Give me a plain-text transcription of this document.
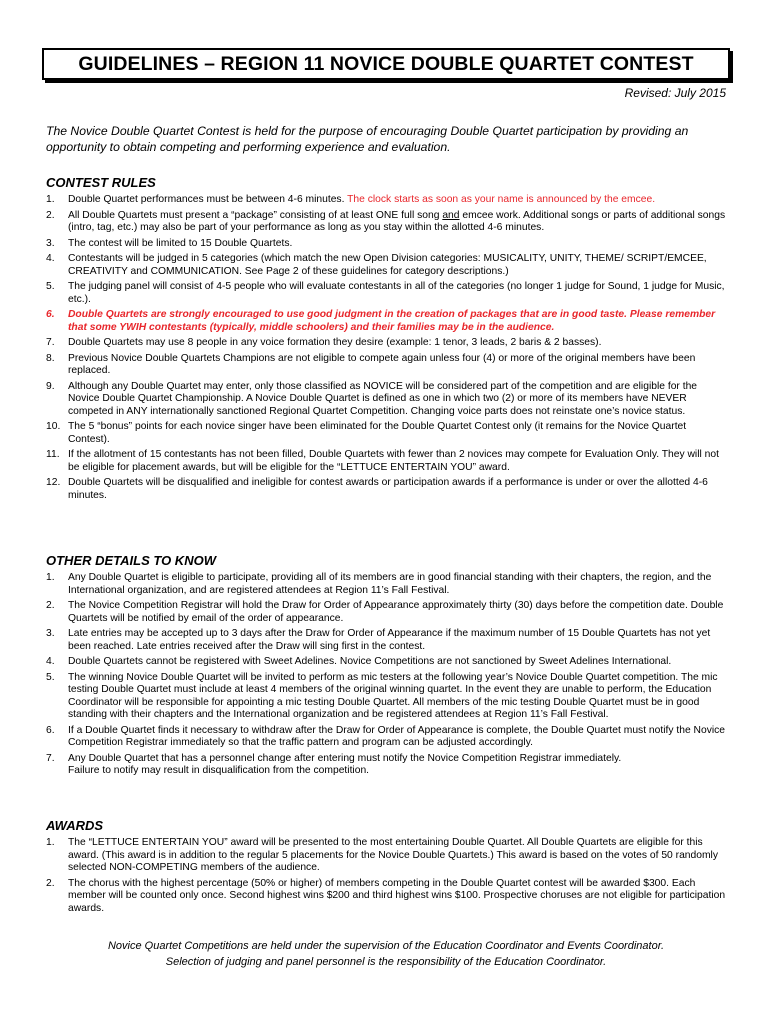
GUIDELINES – REGION 11 NOVICE DOUBLE QUARTET CONTEST
Revised: July 2015
The Novice Double Quartet Contest is held for the purpose of encouraging Double Quartet participation by providing an opportunity to obtain competing and performing experience and evaluation.
CONTEST RULES
1. Double Quartet performances must be between 4-6 minutes. The clock starts as soon as your name is announced by the emcee.
2. All Double Quartets must present a “package” consisting of at least ONE full song and emcee work. Additional songs or parts of additional songs (intro, tag, etc.) may also be part of your performance as long as you stay within the allotted 4-6 minutes.
3. The contest will be limited to 15 Double Quartets.
4. Contestants will be judged in 5 categories (which match the new Open Division categories: MUSICALITY, UNITY, THEME/ SCRIPT/EMCEE, CREATIVITY and COMMUNICATION. See Page 2 of these guidelines for category descriptions.)
5. The judging panel will consist of 4-5 people who will evaluate contestants in all of the categories (no longer 1 judge for Sound, 1 judge for Music, etc.).
6. Double Quartets are strongly encouraged to use good judgment in the creation of packages that are in good taste. Please remember that some YWIH contestants (typically, middle schoolers) and their families may be in the audience.
7. Double Quartets may use 8 people in any voice formation they desire (example: 1 tenor, 3 leads, 2 baris & 2 basses).
8. Previous Novice Double Quartets Champions are not eligible to compete again unless four (4) or more of the original members have been replaced.
9. Although any Double Quartet may enter, only those classified as NOVICE will be considered part of the competition and are eligible for the Novice Double Quartet Championship. A Novice Double Quartet is defined as one in which two (2) or more of its members have NEVER competed in ANY internationally sanctioned Regional Quartet Competition. Changing voice parts does not reinstate one’s novice status.
10. The 5 “bonus” points for each novice singer have been eliminated for the Double Quartet Contest only (it remains for the Novice Quartet Contest).
11. If the allotment of 15 contestants has not been filled, Double Quartets with fewer than 2 novices may compete for Evaluation Only. They will not be eligible for placement awards, but will be eligible for the “LETTUCE ENTERTAIN YOU” award.
12. Double Quartets will be disqualified and ineligible for contest awards or participation awards if a performance is under or over the allotted 4-6 minutes.
OTHER DETAILS TO KNOW
1. Any Double Quartet is eligible to participate, providing all of its members are in good financial standing with their chapters, the region, and the International organization, and are registered attendees at Region 11’s Fall Festival.
2. The Novice Competition Registrar will hold the Draw for Order of Appearance approximately thirty (30) days before the competition date. Double Quartets will be notified by email of the order of appearance.
3. Late entries may be accepted up to 3 days after the Draw for Order of Appearance if the maximum number of 15 Double Quartets has not yet been reached. Late entries received after the Draw will sing first in the contest.
4. Double Quartets cannot be registered with Sweet Adelines. Novice Competitions are not sanctioned by Sweet Adelines International.
5. The winning Novice Double Quartet will be invited to perform as mic testers at the following year’s Novice Double Quartet competition. The mic testing Double Quartet must include at least 4 members of the original winning quartet. In the event they are unable to perform, the Education Coordinator will be responsible for appointing a mic testing Double Quartet. All members of the mic testing Double Quartet must be in good standing with their chapters and the International organization and be registered attendees at Region 11’s Fall Festival.
6. If a Double Quartet finds it necessary to withdraw after the Draw for Order of Appearance is complete, the Double Quartet must notify the Novice Competition Registrar immediately so that the traffic pattern and program can be adjusted accordingly.
7. Any Double Quartet that has a personnel change after entering must notify the Novice Competition Registrar immediately.
Failure to notify may result in disqualification from the competition.
AWARDS
1. The “LETTUCE ENTERTAIN YOU” award will be presented to the most entertaining Double Quartet. All Double Quartets are eligible for this award. (This award is in addition to the regular 5 placements for the Novice Double Quartets.) This award is based on the votes of 50 randomly selected NON-COMPETING members of the audience.
2. The chorus with the highest percentage (50% or higher) of members competing in the Double Quartet contest will be awarded $300. Each member will be counted only once. Second highest wins $200 and third highest wins $100. Prospective choruses are not eligible for participation awards.
Novice Quartet Competitions are held under the supervision of the Education Coordinator and Events Coordinator.
Selection of judging and panel personnel is the responsibility of the Education Coordinator.
